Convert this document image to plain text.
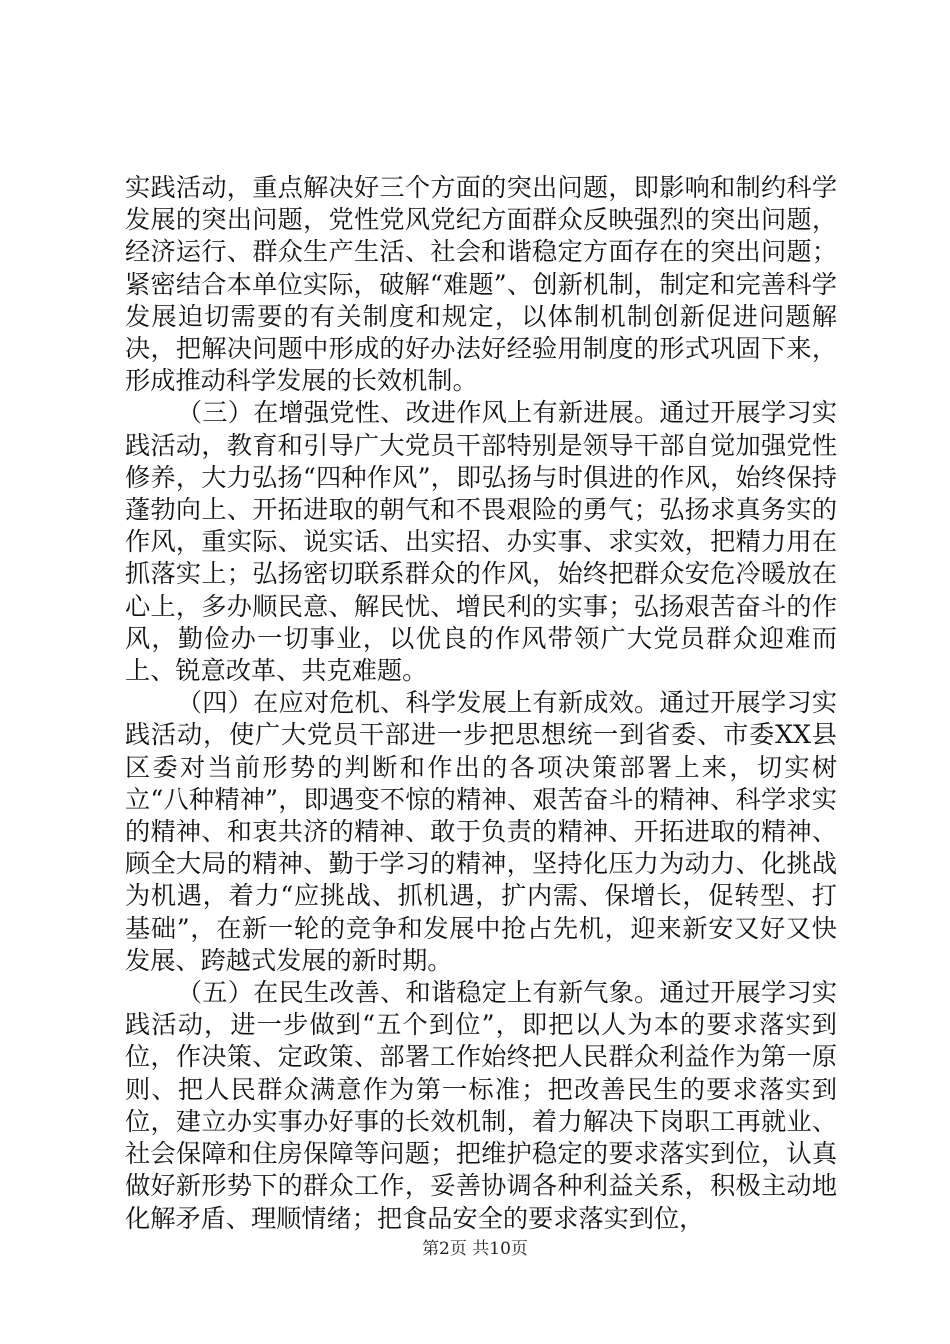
实践活动，重点解决好三个方面的突出问题，即影响和制约科学发展的突出问题，党性党风党纪方面群众反映强烈的突出问题，经济运行、群众生产生活、社会和谐稳定方面存在的突出问题；紧密结合本单位实际，破解“难题”、创新机制，制定和完善科学发展迫切需要的有关制度和规定，以体制机制创新促进问题解决，把解决问题中形成的好办法好经验用制度的形式巩固下来，形成推动科学发展的长效机制。

（三）在增强党性、改进作风上有新进展。通过开展学习实践活动，教育和引导广大党员干部特别是领导干部自觉加强党性修养，大力弘扬“四种作风”，即弘扬与时俱进的作风，始终保持蓬勃向上、开拓进取的朝气和不畏艰险的勇气；弘扬求真务实的作风，重实际、说实话、出实招、办实事、求实效，把精力用在抓落实上；弘扬密切联系群众的作风，始终把群众安危冷暖放在心上，多办顺民意、解民忧、增民利的实事；弘扬艰苦奋斗的作风，勤俭办一切事业，以优良的作风带领广大党员群众迎难而上、锐意改革、共克难题。

（四）在应对危机、科学发展上有新成效。通过开展学习实践活动，使广大党员干部进一步把思想统一到省委、市委XX县区委对当前形势的判断和作出的各项决策部署上来，切实树立“八种精神”，即遇变不惊的精神、艰苦奋斗的精神、科学求实的精神、和衷共济的精神、敢于负责的精神、开拓进取的精神、顾全大局的精神、勤于学习的精神，坚持化压力为动力、化挑战为机遇，着力“应挑战、抓机遇，扩内需、保增长，促转型、打基础”，在新一轮的竞争和发展中抢占先机，迎来新安又好又快发展、跨越式发展的新时期。

（五）在民生改善、和谐稳定上有新气象。通过开展学习实践活动，进一步做到“五个到位”，即把以人为本的要求落实到位，作决策、定政策、部署工作始终把人民群众利益作为第一原则、把人民群众满意作为第一标准；把改善民生的要求落实到位，建立办实事办好事的长效机制，着力解决下岗职工再就业、社会保障和住房保障等问题；把维护稳定的要求落实到位，认真做好新形势下的群众工作，妥善协调各种利益关系，积极主动地化解矛盾、理顺情绪；把食品安全的要求落实到位，

第2页 共10页
